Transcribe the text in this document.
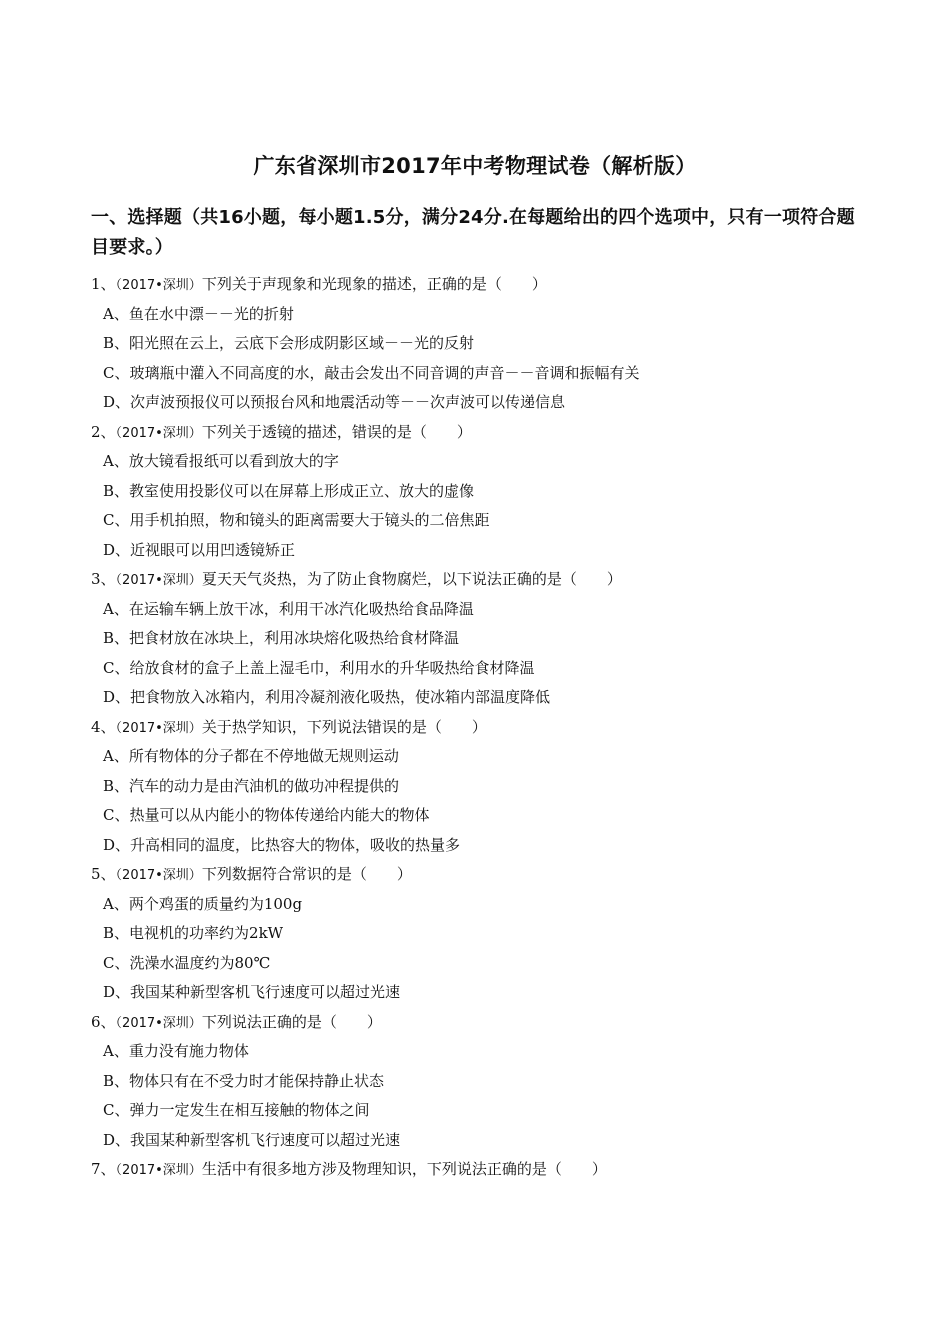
广东省深圳市2017年中考物理试卷（解析版）
一、选择题（共16小题，每小题1.5分，满分24分.在每题给出的四个选项中，只有一项符合题目要求。）
1、（2017•深圳）下列关于声现象和光现象的描述，正确的是（ ）
A、鱼在水中漂－－光的折射
B、阳光照在云上，云底下会形成阴影区域－－光的反射
C、玻璃瓶中灌入不同高度的水，敲击会发出不同音调的声音－－音调和振幅有关
D、次声波预报仪可以预报台风和地震活动等－－次声波可以传递信息
2、（2017•深圳）下列关于透镜的描述，错误的是（ ）
A、放大镜看报纸可以看到放大的字
B、教室使用投影仪可以在屏幕上形成正立、放大的虚像
C、用手机拍照，物和镜头的距离需要大于镜头的二倍焦距
D、近视眼可以用凹透镜矫正
3、（2017•深圳）夏天天气炎热，为了防止食物腐烂，以下说法正确的是（ ）
A、在运输车辆上放干冰，利用干冰汽化吸热给食品降温
B、把食材放在冰块上，利用冰块熔化吸热给食材降温
C、给放食材的盒子上盖上湿毛巾，利用水的升华吸热给食材降温
D、把食物放入冰箱内，利用冷凝剂液化吸热，使冰箱内部温度降低
4、（2017•深圳）关于热学知识，下列说法错误的是（ ）
A、所有物体的分子都在不停地做无规则运动
B、汽车的动力是由汽油机的做功冲程提供的
C、热量可以从内能小的物体传递给内能大的物体
D、升高相同的温度，比热容大的物体，吸收的热量多
5、（2017•深圳）下列数据符合常识的是（ ）
A、两个鸡蛋的质量约为100g
B、电视机的功率约为2kW
C、洗澡水温度约为80℃
D、我国某种新型客机飞行速度可以超过光速
6、（2017•深圳）下列说法正确的是（ ）
A、重力没有施力物体
B、物体只有在不受力时才能保持静止状态
C、弹力一定发生在相互接触的物体之间
D、我国某种新型客机飞行速度可以超过光速
7、（2017•深圳）生活中有很多地方涉及物理知识，下列说法正确的是（ ）
